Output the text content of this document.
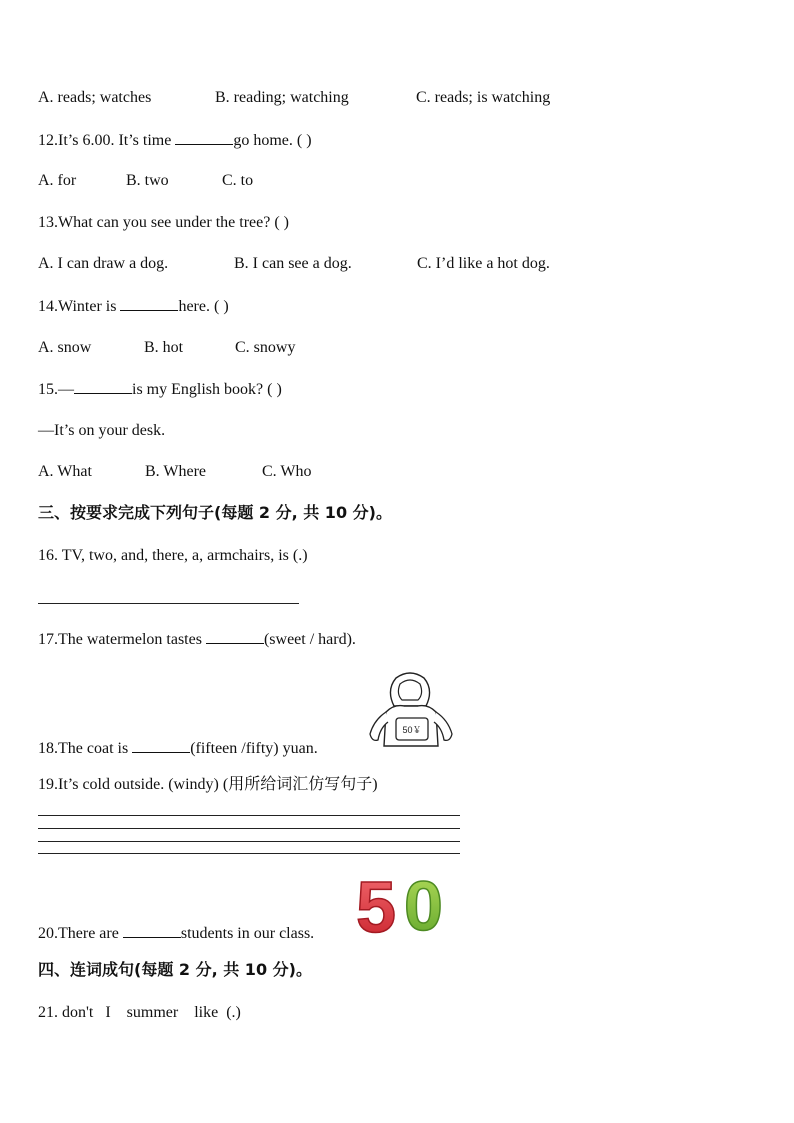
A. reads; watches	B. reading; watching	C. reads; is watching
12.It’s 6.00. It’s time	go home. ( )
A. for	B. two	C. to
13.What can you see under the tree? ( )
A. I can draw a dog.	B. I can see a dog.	C. I’d like a hot dog.
14.Winter is	here. ( )
A. snow	B. hot	C. snowy
15.—	is my English book? ( )
—It’s on your desk.
A. What	B. Where	C. Who
三、按要求完成下列句子(每题 2 分, 共 10 分)。
16. TV, two, and, there, a, armchairs, is (.)
17.The watermelon tastes	(sweet / hard).
18.The coat is	(fifteen /fifty) yuan.
50￥
19.It’s cold outside. (windy) (用所给词汇仿写句子)
20.There are	students in our class. 5 0
四、连词成句(每题 2 分, 共 10 分)。
21. don't   I    summer    like  (.)
